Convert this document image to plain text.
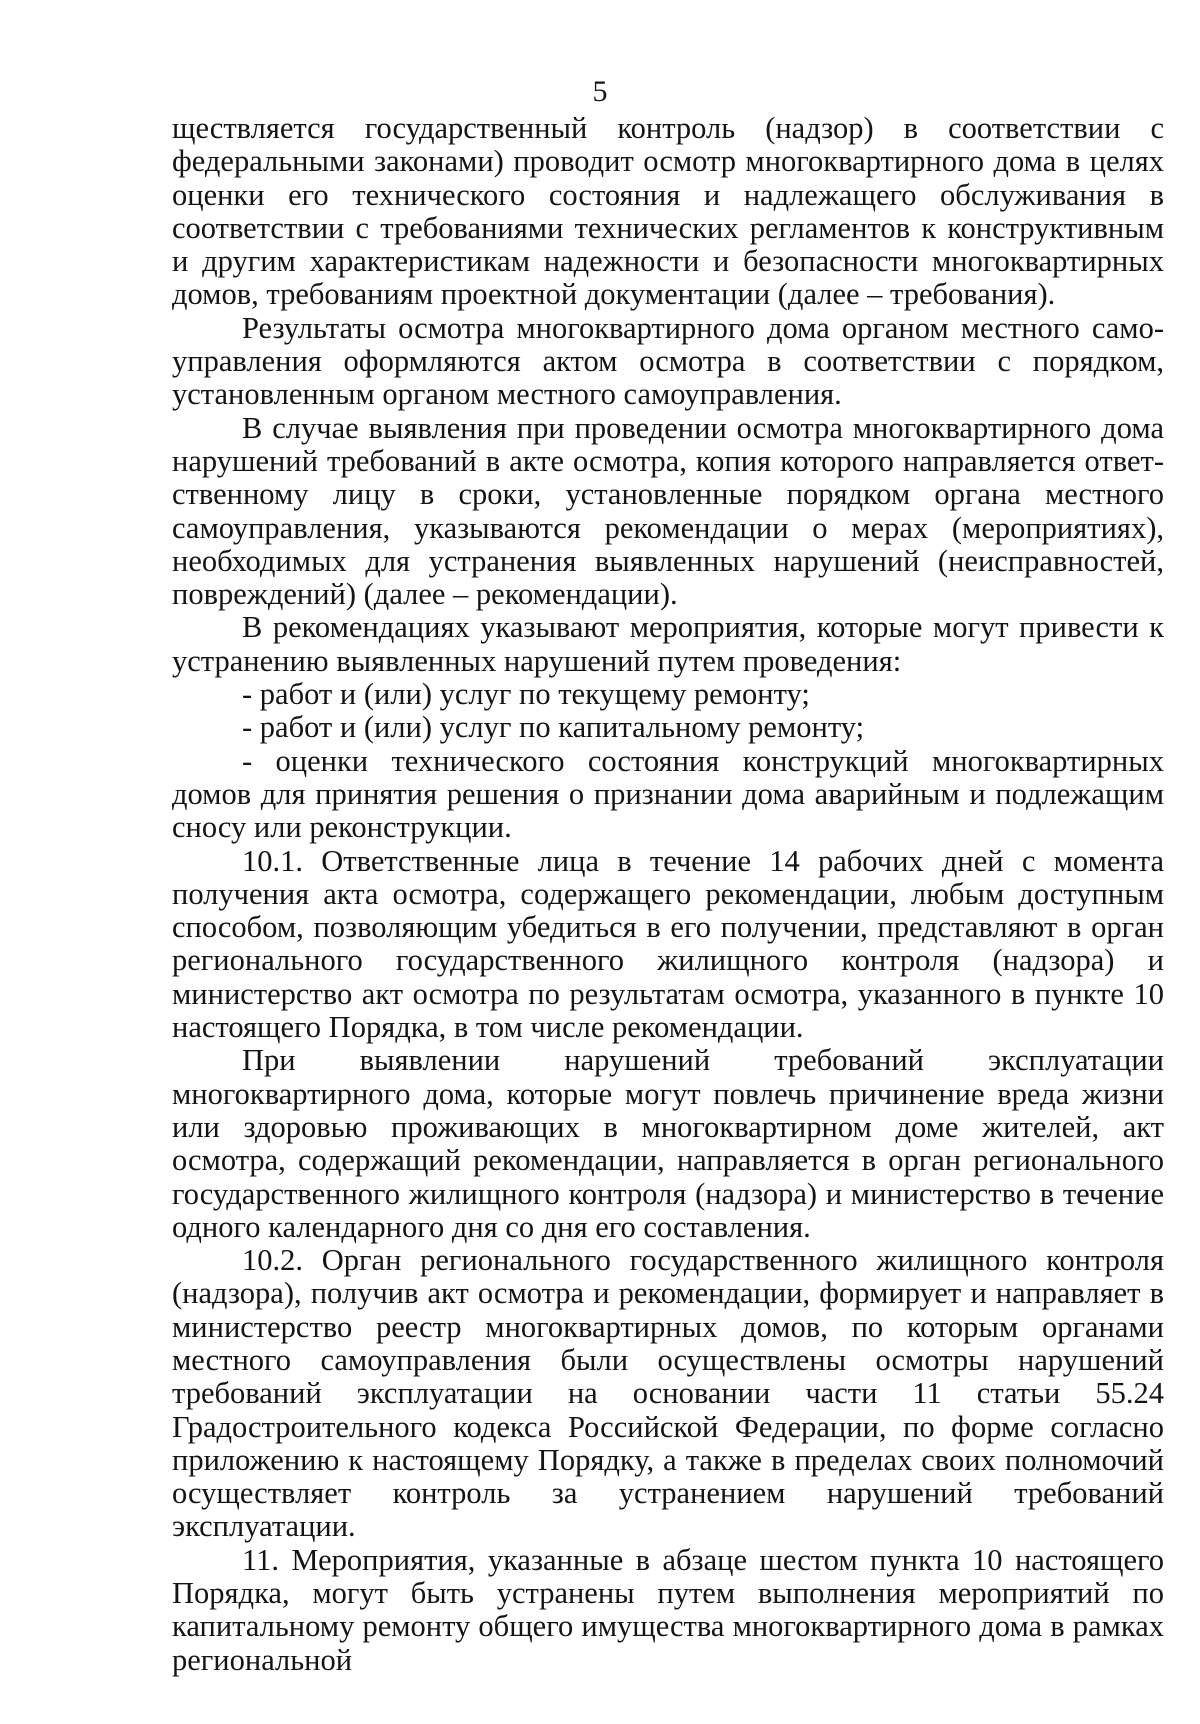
5

ществляется государственный контроль (надзор) в соответствии с федеральными законами) проводит осмотр многоквартирного дома в целях оценки его технического состояния и надлежащего обслуживания в соответствии с требованиями технических регламентов к конструктивным и другим характеристикам надежности и безопасности многоквартирных домов, требованиям проектной документации (далее – требования).

Результаты осмотра многоквартирного дома органом местного самоуправления оформляются актом осмотра в соответствии с порядком, установленным органом местного самоуправления.

В случае выявления при проведении осмотра многоквартирного дома нарушений требований в акте осмотра, копия которого направляется ответственному лицу в сроки, установленные порядком органа местного самоуправления, указываются рекомендации о мерах (мероприятиях), необходимых для устранения выявленных нарушений (неисправностей, повреждений) (далее – рекомендации).

В рекомендациях указывают мероприятия, которые могут привести к устранению выявленных нарушений путем проведения:

- работ и (или) услуг по текущему ремонту;

- работ и (или) услуг по капитальному ремонту;

- оценки технического состояния конструкций многоквартирных домов для принятия решения о признании дома аварийным и подлежащим сносу или реконструкции.

10.1. Ответственные лица в течение 14 рабочих дней с момента получения акта осмотра, содержащего рекомендации, любым доступным способом, позволяющим убедиться в его получении, представляют в орган регионального государственного жилищного контроля (надзора) и министерство акт осмотра по результатам осмотра, указанного в пункте 10 настоящего Порядка, в том числе рекомендации.

При выявлении нарушений требований эксплуатации многоквартирного дома, которые могут повлечь причинение вреда жизни или здоровью проживающих в многоквартирном доме жителей, акт осмотра, содержащий рекомендации, направляется в орган регионального государственного жилищного контроля (надзора) и министерство в течение одного календарного дня со дня его составления.

10.2. Орган регионального государственного жилищного контроля (надзора), получив акт осмотра и рекомендации, формирует и направляет в министерство реестр многоквартирных домов, по которым органами местного самоуправления были осуществлены осмотры нарушений требований эксплуатации на основании части 11 статьи 55.24 Градостроительного кодекса Российской Федерации, по форме согласно приложению к настоящему Порядку, а также в пределах своих полномочий осуществляет контроль за устранением нарушений требований эксплуатации.

11. Мероприятия, указанные в абзаце шестом пункта 10 настоящего Порядка, могут быть устранены путем выполнения мероприятий по капитальному ремонту общего имущества многоквартирного дома в рамках региональной
